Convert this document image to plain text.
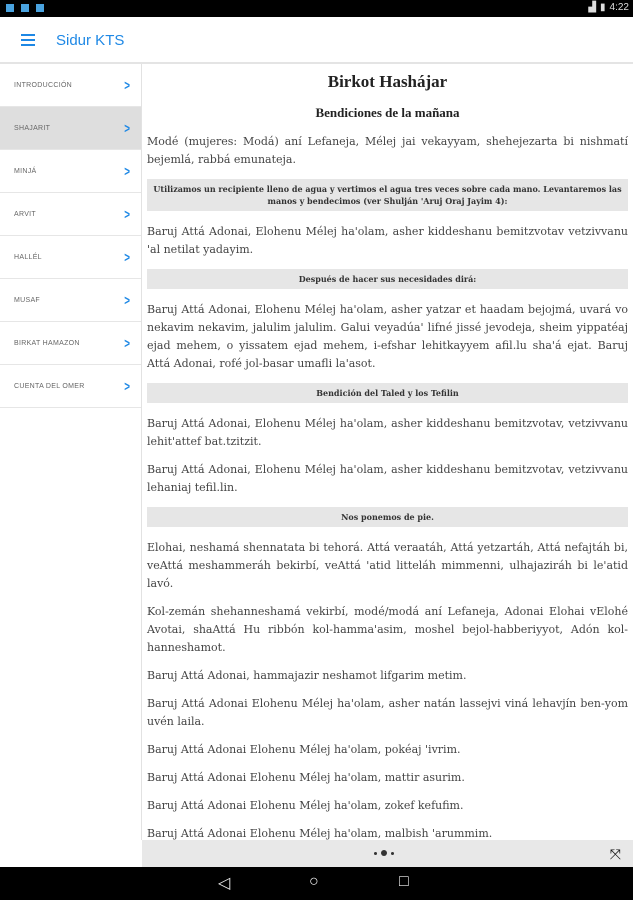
▟ ▮ 4:22
Sidur KTS
INTRODUCCIÓN	>
SHAJARIT	>
MINJÁ	>
ARVIT	>
HALLÉL	>
MUSAF	>
BIRKAT HAMAZON	>
CUENTA DEL OMER	>
Birkot Hashájar
Bendiciones de la mañana

Modé (mujeres: Modá) aní Lefaneja, Mélej jai vekayyam, shehejezarta bi nishmatí bejemlá, rabbá emunateja.

Utilizamos un recipiente lleno de agua y vertimos el agua tres veces sobre cada mano. Levantaremos las manos y bendecimos (ver Shulján 'Aruj Oraj Jayim 4):

Baruj Attá Adonai, Elohenu Mélej ha'olam, asher kiddeshanu bemitzvotav vetzivvanu 'al netilat yadayim.

Después de hacer sus necesidades dirá:

Baruj Attá Adonai, Elohenu Mélej ha'olam, asher yatzar et haadam bejojmá, uvará vo nekavim nekavim, jalulim jalulim. Galui veyadúa' lifné jissé jevodeja, sheim yippatéaj ejad mehem, o yissatem ejad mehem, i-efshar lehitkayyem afil.lu sha'á ejat. Baruj Attá Adonai, rofé jol-basar umafli la'asot.

Bendición del Taled y los Tefilin

Baruj Attá Adonai, Elohenu Mélej ha'olam, asher kiddeshanu bemitzvotav, vetzivvanu lehit'attef bat.tzitzit.

Baruj Attá Adonai, Elohenu Mélej ha'olam, asher kiddeshanu bemitzvotav, vetzivvanu lehaniaj tefil.lin.

Nos ponemos de pie.

Elohai, neshamá shennatata bi tehorá. Attá veraatáh, Attá yetzartáh, Attá nefajtáh bi, veAttá meshammeráh bekirbí, veAttá 'atid litteláh mimmenni, ulhajaziráh bi le'atid lavó.

Kol-zemán shehanneshamá vekirbí, modé/modá aní Lefaneja, Adonai Elohai vElohé Avotai, shaAttá Hu ribbón kol-hamma'asim, moshel bejol-habberiyyot, Adón kol-hanneshamot.

Baruj Attá Adonai, hammajazir neshamot lifgarim metim.

Baruj Attá Adonai Elohenu Mélej ha'olam, asher natán lassejvi viná lehavjín ben-yom uvén laila.

Baruj Attá Adonai Elohenu Mélej ha'olam, pokéaj 'ivrim.

Baruj Attá Adonai Elohenu Mélej ha'olam, mattir asurim.

Baruj Attá Adonai Elohenu Mélej ha'olam, zokef kefufim.

Baruj Attá Adonai Elohenu Mélej ha'olam, malbish 'arummim.

⤧
◁	○	□
